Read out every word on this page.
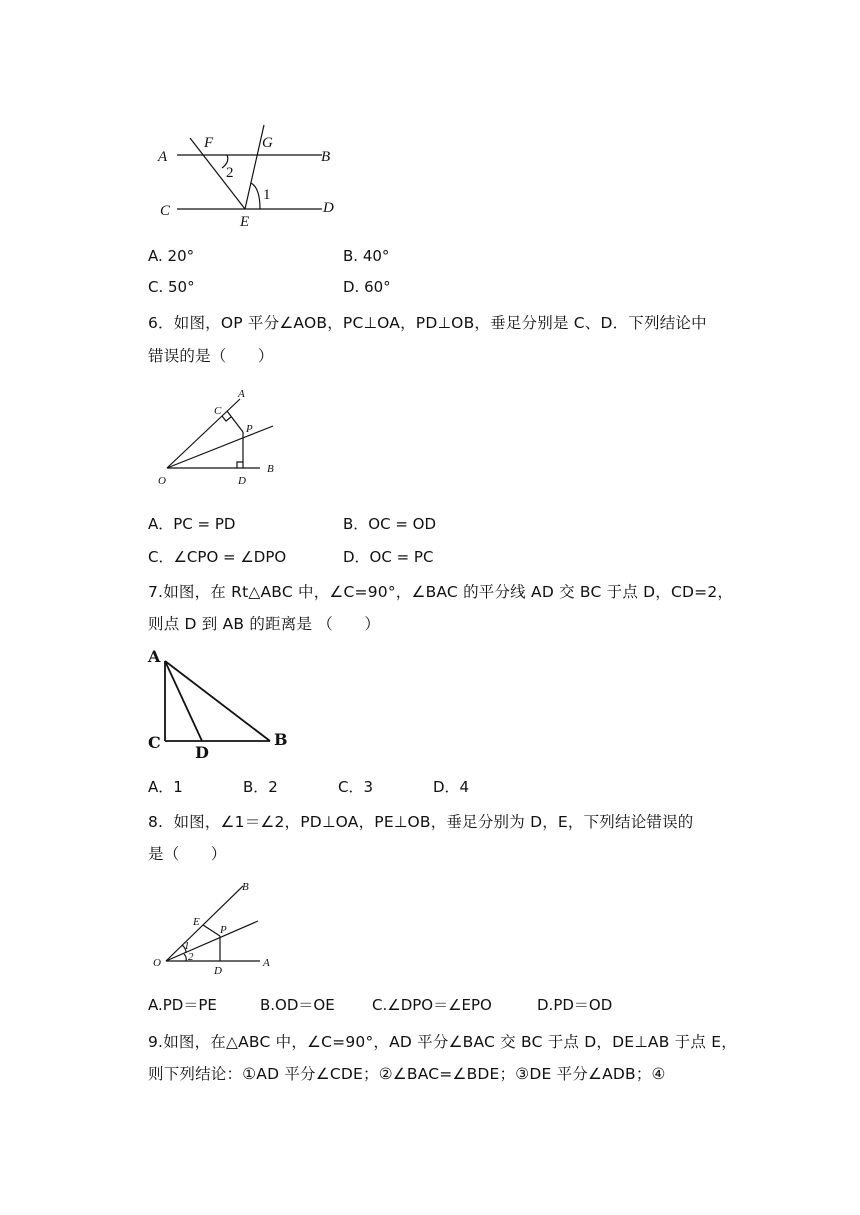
A	B
C	D
E
F	G
1
2
A. 20°	B. 40°
C. 50°	D. 60°
6．如图，OP 平分∠AOB，PC⊥OA，PD⊥OB，垂足分别是 C、D．下列结论中
错误的是（　　）
A
B
C
D
O
P
A．PC = PD	B．OC = OD
C．∠CPO = ∠DPO	D．OC = PC
7.如图，在 Rt△ABC 中，∠C=90°，∠BAC 的平分线 AD 交 BC 于点 D，CD=2，
则点 D 到 AB 的距离是 （　　）
A
B
C
D
A．1	B．2	C．3	D．4
8.  如图，∠1＝∠2，PD⊥OA，PE⊥OB，垂足分别为 D，E，下列结论错误的
是（　　）
B
E
P
O
D
A
1
2
A.PD＝PE	B.OD＝OE C.∠DPO＝∠EPO	D.PD＝OD
9.如图，在△ABC 中，∠C=90°，AD 平分∠BAC 交 BC 于点 D，DE⊥AB 于点 E，
则下列结论：①AD 平分∠CDE；②∠BAC=∠BDE；③DE 平分∠ADB；④
